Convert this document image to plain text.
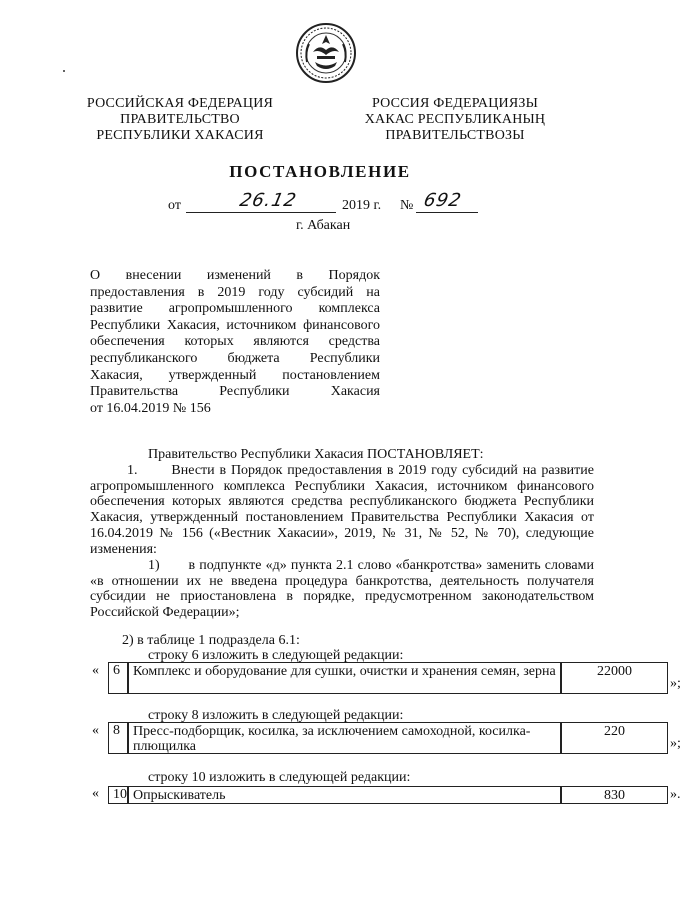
РОССИЙСКАЯ ФЕДЕРАЦИЯ
ПРАВИТЕЛЬСТВО
РЕСПУБЛИКИ ХАКАСИЯ
РОССИЯ ФЕДЕРАЦИЯЗЫ
ХАКАС РЕСПУБЛИКАНЫҢ
ПРАВИТЕЛЬСТВОЗЫ
ПОСТАНОВЛЕНИЕ
от	26.12	2019 г. № 692
г. Абакан
О внесении изменений в Порядок
предоставления в 2019 году субсидий на
развитие агропромышленного комплекса
Республики Хакасия, источником финансового
обеспечения которых являются средства
республиканского бюджета Республики
Хакасия, утвержденный постановлением
Правительства Республики Хакасия
от 16.04.2019 № 156
Правительство Республики Хакасия ПОСТАНОВЛЯЕТ:
1.       Внести в Порядок предоставления в 2019 году субсидий на развитие агропромышленного комплекса Республики Хакасия, источником финансового обеспечения которых являются средства республиканского бюджета Республики Хакасия, утвержденный постановлением Правительства Республики Хакасия от 16.04.2019 № 156 («Вестник Хакасии», 2019, № 31, № 52, № 70), следующие изменения:
1)       в подпункте «д» пункта 2.1 слово «банкротства» заменить словами «в отношении их не введена процедура банкротства, деятельность получателя субсидии не приостановлена в порядке, предусмотренном законодательством Российской Федерации»;
2) в таблице 1 подраздела 6.1:
строку 6 изложить в следующей редакции:
«	6 Комплекс и оборудование для сушки, очистки и хранения семян, зерна	22000
»;
строку 8 изложить в следующей редакции:
«	8 Пресс-подборщик, косилка, за исключением самоходной, косилка-плющилка
220
»;
строку 10 изложить в следующей редакции:
«	10 Опрыскиватель	830	».
